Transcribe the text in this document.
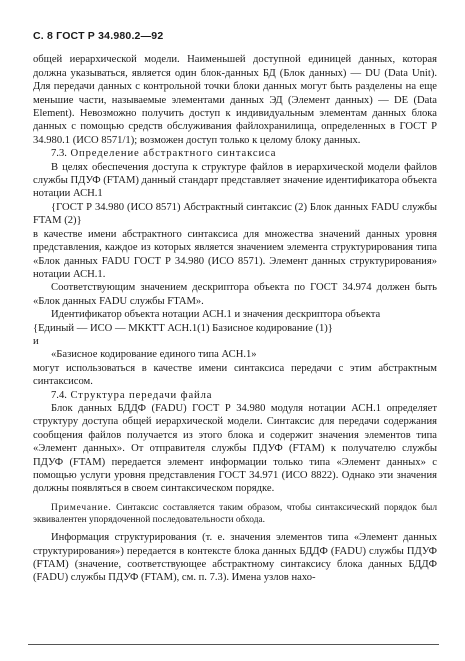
С. 8 ГОСТ Р 34.980.2—92

общей иерархической модели. Наименьшей доступной единицей данных, которая должна указываться, является один блок-данных БД (Блок данных) — DU (Data Unit). Для передачи данных с контрольной точки блоки данных могут быть разделены на еще меньшие части, называемые элементами данных ЭД (Элемент данных) — DE (Data Element). Невозможно получить доступ к индивидуальным элементам данных блока данных с помощью средств обслуживания файлохранилища, определенных в ГОСТ Р 34.980.1 (ИСО 8571/1); возможен доступ только к целому блоку данных.

7.3. Определение абстрактного синтаксиса

В целях обеспечения доступа к структуре файлов в иерархической модели файлов службы ПДУФ (FTAM) данный стандарт представляет значение идентификатора объекта нотации АСН.1

{ГОСТ Р 34.980 (ИСО 8571) Абстрактный синтаксис (2) Блок данных FADU службы FTAM (2)}

в качестве имени абстрактного синтаксиса для множества значений данных уровня представления, каждое из которых является значением элемента структурирования типа «Блок данных FADU ГОСТ Р 34.980 (ИСО 8571). Элемент данных структурирования» нотации АСН.1.

Соответствующим значением дескриптора объекта по ГОСТ 34.974 должен быть «Блок данных FADU службы FTAM».

Идентификатор объекта нотации АСН.1 и значения дескриптора объекта

{Единый — ИСО — МККТТ АСН.1(1) Базисное кодирование (1)}

и

«Базисное кодирование единого типа АСН.1»

могут использоваться в качестве имени синтаксиса передачи с этим абстрактным синтаксисом.

7.4. Структура передачи файла

Блок данных БДДФ (FADU) ГОСТ Р 34.980 модуля нотации АСН.1 определяет структуру доступа общей иерархической модели. Синтаксис для передачи содержания сообщения файлов получается из этого блока и содержит значения элементов типа «Элемент данных». От отправителя службы ПДУФ (FTAM) к получателю службы ПДУФ (FTAM) передается элемент информации только типа «Элемент данных» с помощью услуги уровня представления ГОСТ 34.971 (ИСО 8822). Однако эти значения должны появляться в своем синтаксическом порядке.

Примечание. Синтаксис составляется таким образом, чтобы синтаксический порядок был эквивалентен упорядоченной последовательности обхода.

Информация структурирования (т. е. значения элементов типа «Элемент данных структурирования») передается в контексте блока данных БДДФ (FADU) службы ПДУФ (FTAM) (значение, соответствующее абстрактному синтаксису блока данных БДДФ (FADU) службы ПДУФ (FTAM), см. п. 7.3). Имена узлов нахо-
